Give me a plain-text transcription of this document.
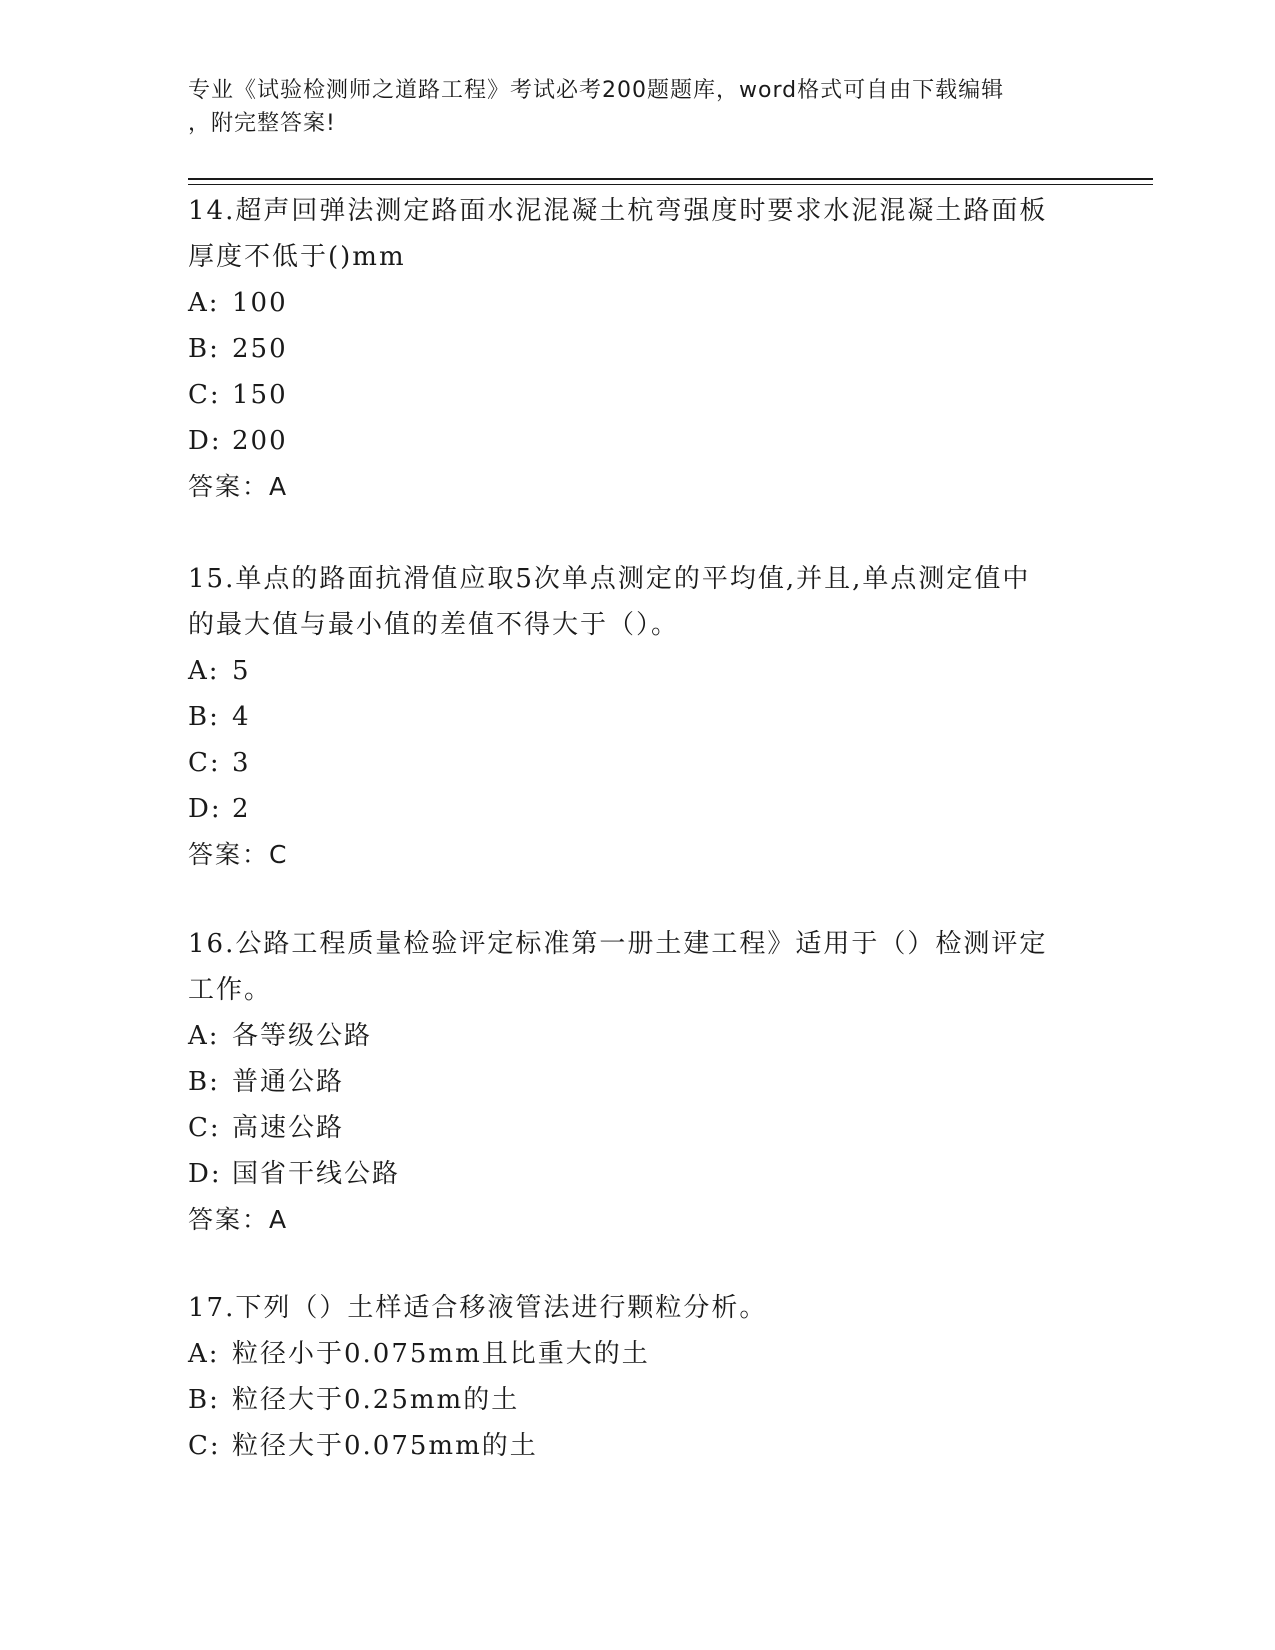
专业《试验检测师之道路工程》考试必考200题题库，word格式可自由下载编辑
，附完整答案!

14.超声回弹法测定路面水泥混凝土杭弯强度时要求水泥混凝土路面板

厚度不低于()mm

A: 100

B: 250

C: 150

D: 200

答案：A

15.单点的路面抗滑值应取5次单点测定的平均值,并且,单点测定值中

的最大值与最小值的差值不得大于（）。

A: 5

B: 4

C: 3

D: 2

答案：C

16.公路工程质量检验评定标准第一册土建工程》适用于（）检测评定

工作。

A: 各等级公路

B: 普通公路

C: 高速公路

D: 国省干线公路

答案：A

17.下列（）土样适合移液管法进行颗粒分析。

A: 粒径小于0.075mm且比重大的土

B: 粒径大于0.25mm的土

C: 粒径大于0.075mm的土
